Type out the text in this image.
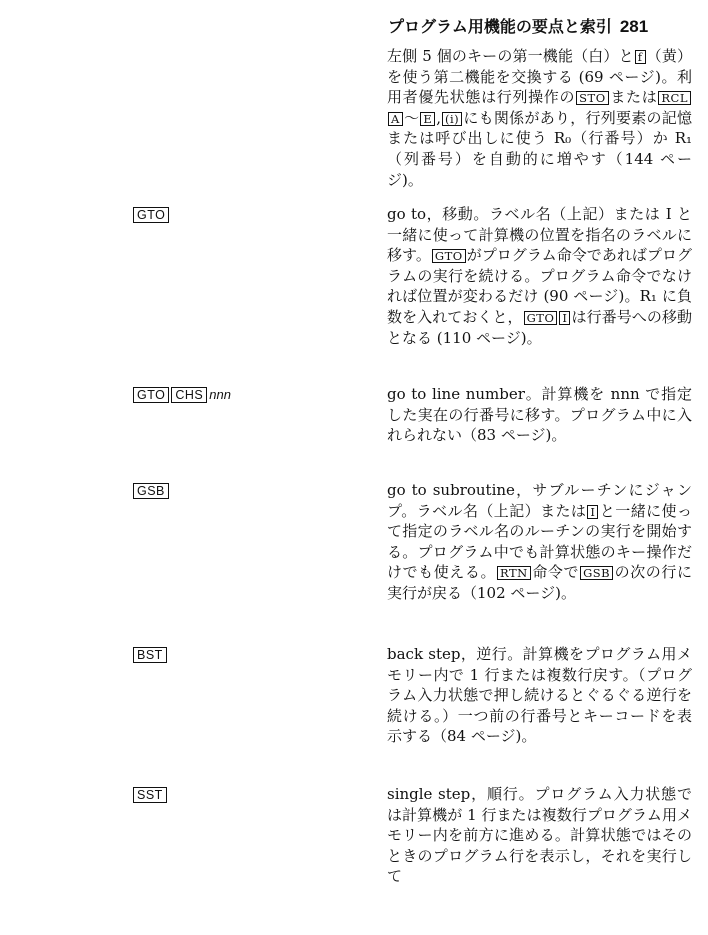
プログラム用機能の要点と索引 281

左側 5 個のキーの第一機能（白）と f （黄）を使う第二機能を交換する (69 ページ)。利用者優先状態は行列操作の STO または RCL A 〜 E , (i) にも関係があり，行列要素の記憶または呼び出しに使う R₀（行番号）か R₁（列番号）を自動的に増やす（144 ページ)。

GTO	go to，移動。ラベル名（上記）または I と一緒に使って計算機の位置を指名のラベルに移す。 GTO がプログラム命令であればプログラムの実行を続ける。プログラム命令でなければ位置が変わるだけ (90 ページ)。R₁ に負数を入れておくと， GTO I は行番号への移動となる (110 ページ)。

GTO CHS nnn	go to line number。計算機を nnn で指定した実在の行番号に移す。プログラム中に入れられない（83 ページ)。

GSB	go to subroutine，サブルーチンにジャンプ。ラベル名（上記）または I と一緒に使って指定のラベル名のルーチンの実行を開始する。プログラム中でも計算状態のキー操作だけでも使える。 RTN 命令で GSB の次の行に実行が戻る（102 ページ)。

BST	back step，逆行。計算機をプログラム用メモリー内で 1 行または複数行戻す。（プログラム入力状態で押し続けるとぐるぐる逆行を続ける。）一つ前の行番号とキーコードを表示する（84 ページ)。

SST	single step，順行。プログラム入力状態では計算機が 1 行または複数行プログラム用メモリー内を前方に進める。計算状態ではそのときのプログラム行を表示し，それを実行して
